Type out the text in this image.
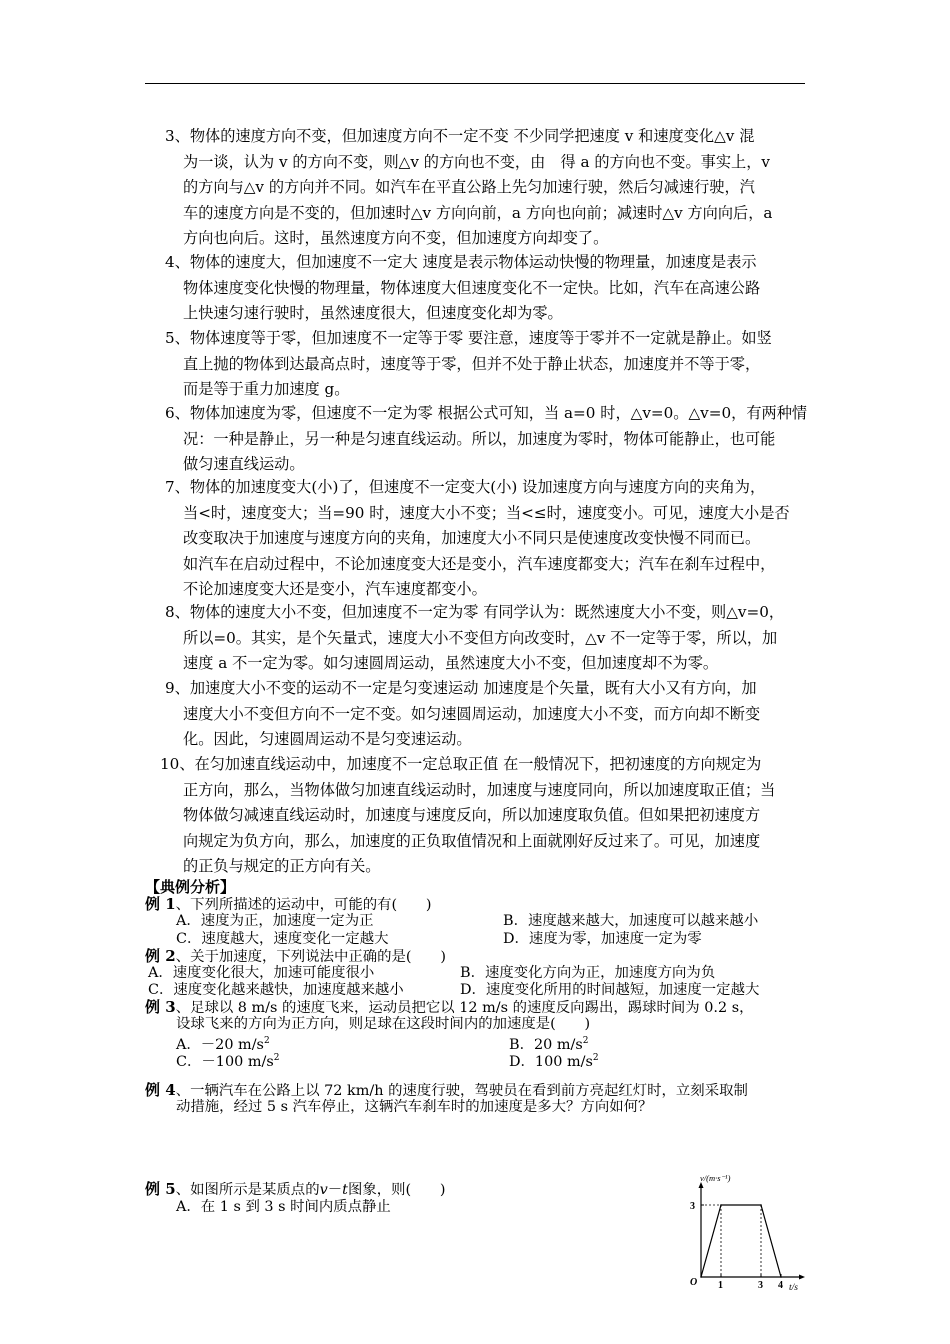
3、物体的速度方向不变，但加速度方向不一定不变 不少同学把速度 v 和速度变化△v 混
为一谈，认为 v 的方向不变，则△v 的方向也不变，由　得 a 的方向也不变。事实上，v
的方向与△v 的方向并不同。如汽车在平直公路上先匀加速行驶，然后匀减速行驶，汽
车的速度方向是不变的，但加速时△v 方向向前，a 方向也向前；减速时△v 方向向后，a
方向也向后。这时，虽然速度方向不变，但加速度方向却变了。
4、物体的速度大，但加速度不一定大 速度是表示物体运动快慢的物理量，加速度是表示
物体速度变化快慢的物理量，物体速度大但速度变化不一定快。比如，汽车在高速公路
上快速匀速行驶时，虽然速度很大，但速度变化却为零。
5、物体速度等于零，但加速度不一定等于零 要注意，速度等于零并不一定就是静止。如竖
直上抛的物体到达最高点时，速度等于零，但并不处于静止状态，加速度并不等于零，
而是等于重力加速度 g。
6、物体加速度为零，但速度不一定为零 根据公式可知，当 a=0 时，△v=0。△v=0，有两种情
况：一种是静止，另一种是匀速直线运动。所以，加速度为零时，物体可能静止，也可能
做匀速直线运动。
7、物体的加速度变大(小)了，但速度不一定变大(小) 设加速度方向与速度方向的夹角为，
当<时，速度变大；当=90 时，速度大小不变；当<≤时，速度变小。可见，速度大小是否
改变取决于加速度与速度方向的夹角，加速度大小不同只是使速度改变快慢不同而已。
如汽车在启动过程中，不论加速度变大还是变小，汽车速度都变大；汽车在刹车过程中，
不论加速度变大还是变小，汽车速度都变小。
8、物体的速度大小不变，但加速度不一定为零 有同学认为：既然速度大小不变，则△v=0，
所以=0。其实，是个矢量式，速度大小不变但方向改变时，△v 不一定等于零，所以，加
速度 a 不一定为零。如匀速圆周运动，虽然速度大小不变，但加速度却不为零。
9、加速度大小不变的运动不一定是匀变速运动 加速度是个矢量，既有大小又有方向，加
速度大小不变但方向不一定不变。如匀速圆周运动，加速度大小不变，而方向却不断变
化。因此，匀速圆周运动不是匀变速运动。
10、在匀加速直线运动中，加速度不一定总取正值 在一般情况下，把初速度的方向规定为
正方向，那么，当物体做匀加速直线运动时，加速度与速度同向，所以加速度取正值；当
物体做匀减速直线运动时，加速度与速度反向，所以加速度取负值。但如果把初速度方
向规定为负方向，那么，加速度的正负取值情况和上面就刚好反过来了。可见，加速度
的正负与规定的正方向有关。
【典例分析】
例 1、下列所描述的运动中，可能的有(　　)
A．速度为正，加速度一定为正	B．速度越来越大，加速度可以越来越小
C．速度越大，速度变化一定越大	D．速度为零，加速度一定为零
例 2、关于加速度，下列说法中正确的是(　　)
A．速度变化很大，加速可能度很小	B．速度变化方向为正，加速度方向为负
C．速度变化越来越快，加速度越来越小	D．速度变化所用的时间越短，加速度一定越大
例 3、足球以 8 m/s 的速度飞来，运动员把它以 12 m/s 的速度反向踢出，踢球时间为 0.2 s，
设球飞来的方向为正方向，则足球在这段时间内的加速度是(　　)
A．－20 $m/s^2$	B．20 $m/s^2$
C．－100 $m/s^2$	D．100 $m/s^2$
例 4、一辆汽车在公路上以 72 km/h 的速度行驶，驾驶员在看到前方亮起红灯时，立刻采取制
动措施，经过 5 s 汽车停止，这辆汽车刹车时的加速度是多大？方向如何？
例 5、如图所示是某质点的v－t图象，则(　　)
A．在 1 s 到 3 s 时间内质点静止
v/(m·s⁻¹)
t/s
O 1	3 4
3
